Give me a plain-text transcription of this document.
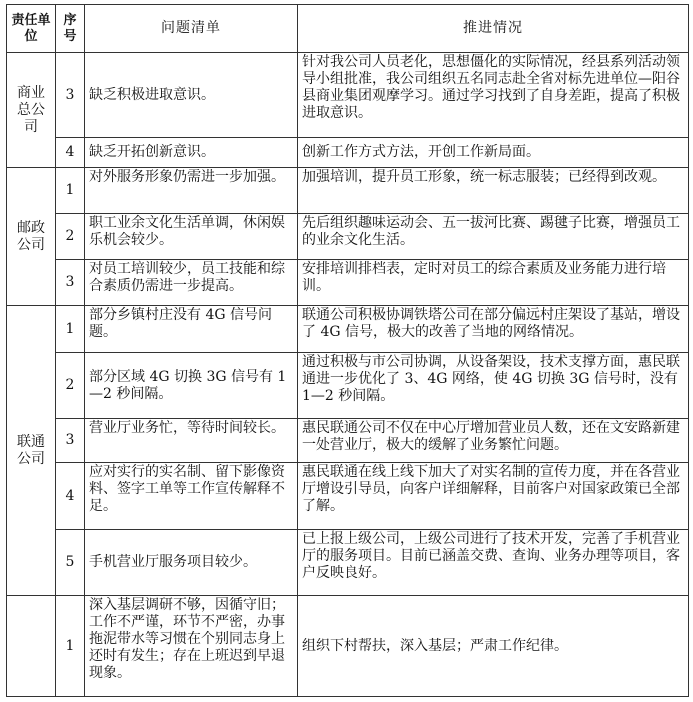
责任单位	序号	问题清单	推进情况
商业总公司	3	缺乏积极进取意识。	针对我公司人员老化，思想僵化的实际情况，经县系列活动领导小组批准，我公司组织五名同志赴全省对标先进单位—阳谷县商业集团观摩学习。通过学习找到了自身差距，提高了积极进取意识。
	4	缺乏开拓创新意识。	创新工作方式方法，开创工作新局面。
邮政公司	1	对外服务形象仍需进一步加强。	加强培训，提升员工形象，统一标志服装；已经得到改观。
	2	职工业余文化生活单调，休闲娱乐机会较少。	先后组织趣味运动会、五一拔河比赛、踢毽子比赛，增强员工的业余文化生活。
	3	对员工培训较少，员工技能和综合素质仍需进一步提高。	安排培训排档表，定时对员工的综合素质及业务能力进行培训。
联通公司	1	部分乡镇村庄没有 4G 信号问题。	联通公司积极协调铁塔公司在部分偏远村庄架设了基站，增设了 4G 信号，极大的改善了当地的网络情况。
	2	部分区域 4G 切换 3G 信号有 1—2 秒间隔。	通过积极与市公司协调，从设备架设，技术支撑方面，惠民联通进一步优化了 3、4G 网络，使 4G 切换 3G 信号时，没有 1—2 秒间隔。
	3	营业厅业务忙，等待时间较长。	惠民联通公司不仅在中心厅增加营业员人数，还在文安路新建一处营业厅，极大的缓解了业务繁忙问题。
	4	应对实行的实名制、留下影像资料、签字工单等工作宣传解释不足。	惠民联通在线上线下加大了对实名制的宣传力度，并在各营业厅增设引导员，向客户详细解释，目前客户对国家政策已全部了解。
	5	手机营业厅服务项目较少。	已上报上级公司，上级公司进行了技术开发，完善了手机营业厅的服务项目。目前已涵盖交费、查询、业务办理等项目，客户反映良好。
	1	深入基层调研不够，因循守旧；工作不严谨，环节不严密，办事拖泥带水等习惯在个别同志身上还时有发生；存在上班迟到早退现象。	组织下村帮扶，深入基层；严肃工作纪律。
